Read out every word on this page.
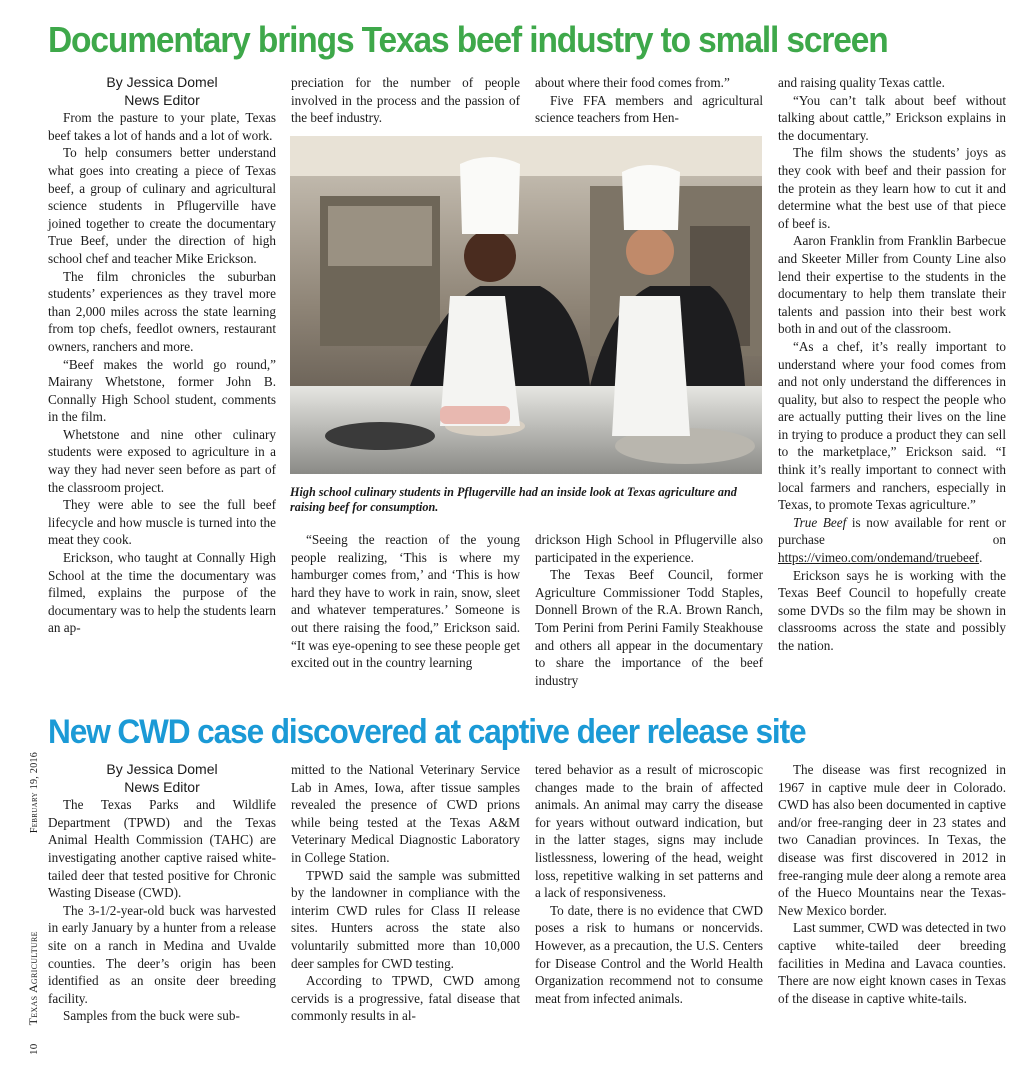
Documentary brings Texas beef industry to small screen

By Jessica Domel

News Editor

From the pasture to your plate, Texas beef takes a lot of hands and a lot of work.

To help consumers better understand what goes into creating a piece of Texas beef, a group of culinary and agricultural science students in Pflugerville have joined together to create the documentary True Beef, under the direction of high school chef and teacher Mike Erickson.

The film chronicles the suburban students’ experiences as they travel more than 2,000 miles across the state learning from top chefs, feedlot owners, restaurant owners, ranchers and more.

“Beef makes the world go round,” Mairany Whetstone, former John B. Connally High School student, comments in the film.

Whetstone and nine other culinary students were exposed to agriculture in a way they had never seen before as part of the classroom project.

They were able to see the full beef lifecycle and how muscle is turned into the meat they cook.

Erickson, who taught at Connally High School at the time the documentary was filmed, explains the purpose of the documentary was to help the students learn an ap-

preciation for the number of people involved in the process and the passion of the beef industry.

about where their food comes from.”

Five FFA members and agricultural science teachers from Hen-

High school culinary students in Pflugerville had an inside look at Texas agriculture and raising beef for consumption.

“Seeing the reaction of the young people realizing, ‘This is where my hamburger comes from,’ and ‘This is how hard they have to work in rain, snow, sleet and whatever temperatures.’ Someone is out there raising the food,” Erickson said. “It was eye-opening to see these people get excited out in the country learning

drickson High School in Pflugerville also participated in the experience.

The Texas Beef Council, former Agriculture Commissioner Todd Staples, Donnell Brown of the R.A. Brown Ranch, Tom Perini from Perini Family Steakhouse and others all appear in the documentary to share the importance of the beef industry

and raising quality Texas cattle.

“You can’t talk about beef without talking about cattle,” Erickson explains in the documentary.

The film shows the students’ joys as they cook with beef and their passion for the protein as they learn how to cut it and determine what the best use of that piece of beef is.

Aaron Franklin from Franklin Barbecue and Skeeter Miller from County Line also lend their expertise to the students in the documentary to help them translate their talents and passion into their best work both in and out of the classroom.

“As a chef, it’s really important to understand where your food comes from and not only understand the differences in quality, but also to respect the people who are actually putting their lives on the line in trying to produce a product they can sell to the marketplace,” Erickson said. “I think it’s really important to connect with local farmers and ranchers, especially in Texas, to promote Texas agriculture.”

True Beef is now available for rent or purchase on https://vimeo.com/ondemand/truebeef.

Erickson says he is working with the Texas Beef Council to hopefully create some DVDs so the film may be shown in classrooms across the state and possibly the nation.

New CWD case discovered at captive deer release site

By Jessica Domel

News Editor

The Texas Parks and Wildlife Department (TPWD) and the Texas Animal Health Commission (TAHC) are investigating another captive raised white-tailed deer that tested positive for Chronic Wasting Disease (CWD).

The 3-1/2-year-old buck was harvested in early January by a hunter from a release site on a ranch in Medina and Uvalde counties. The deer’s origin has been identified as an onsite deer breeding facility.

Samples from the buck were sub-

mitted to the National Veterinary Service Lab in Ames, Iowa, after tissue samples revealed the presence of CWD prions while being tested at the Texas A&M Veterinary Medical Diagnostic Laboratory in College Station.

TPWD said the sample was submitted by the landowner in compliance with the interim CWD rules for Class II release sites. Hunters across the state also voluntarily submitted more than 10,000 deer samples for CWD testing.

According to TPWD, CWD among cervids is a progressive, fatal disease that commonly results in al-

tered behavior as a result of microscopic changes made to the brain of affected animals. An animal may carry the disease for years without outward indication, but in the latter stages, signs may include listlessness, lowering of the head, weight loss, repetitive walking in set patterns and a lack of responsiveness.

To date, there is no evidence that CWD poses a risk to humans or noncervids. However, as a precaution, the U.S. Centers for Disease Control and the World Health Organization recommend not to consume meat from infected animals.

The disease was first recognized in 1967 in captive mule deer in Colorado. CWD has also been documented in captive and/or free-ranging deer in 23 states and two Canadian provinces. In Texas, the disease was first discovered in 2012 in free-ranging mule deer along a remote area of the Hueco Mountains near the Texas-New Mexico border.

Last summer, CWD was detected in two captive white-tailed deer breeding facilities in Medina and Lavaca counties. There are now eight known cases in Texas of the disease in captive white-tails.

10
Texas Agriculture
February 19, 2016
